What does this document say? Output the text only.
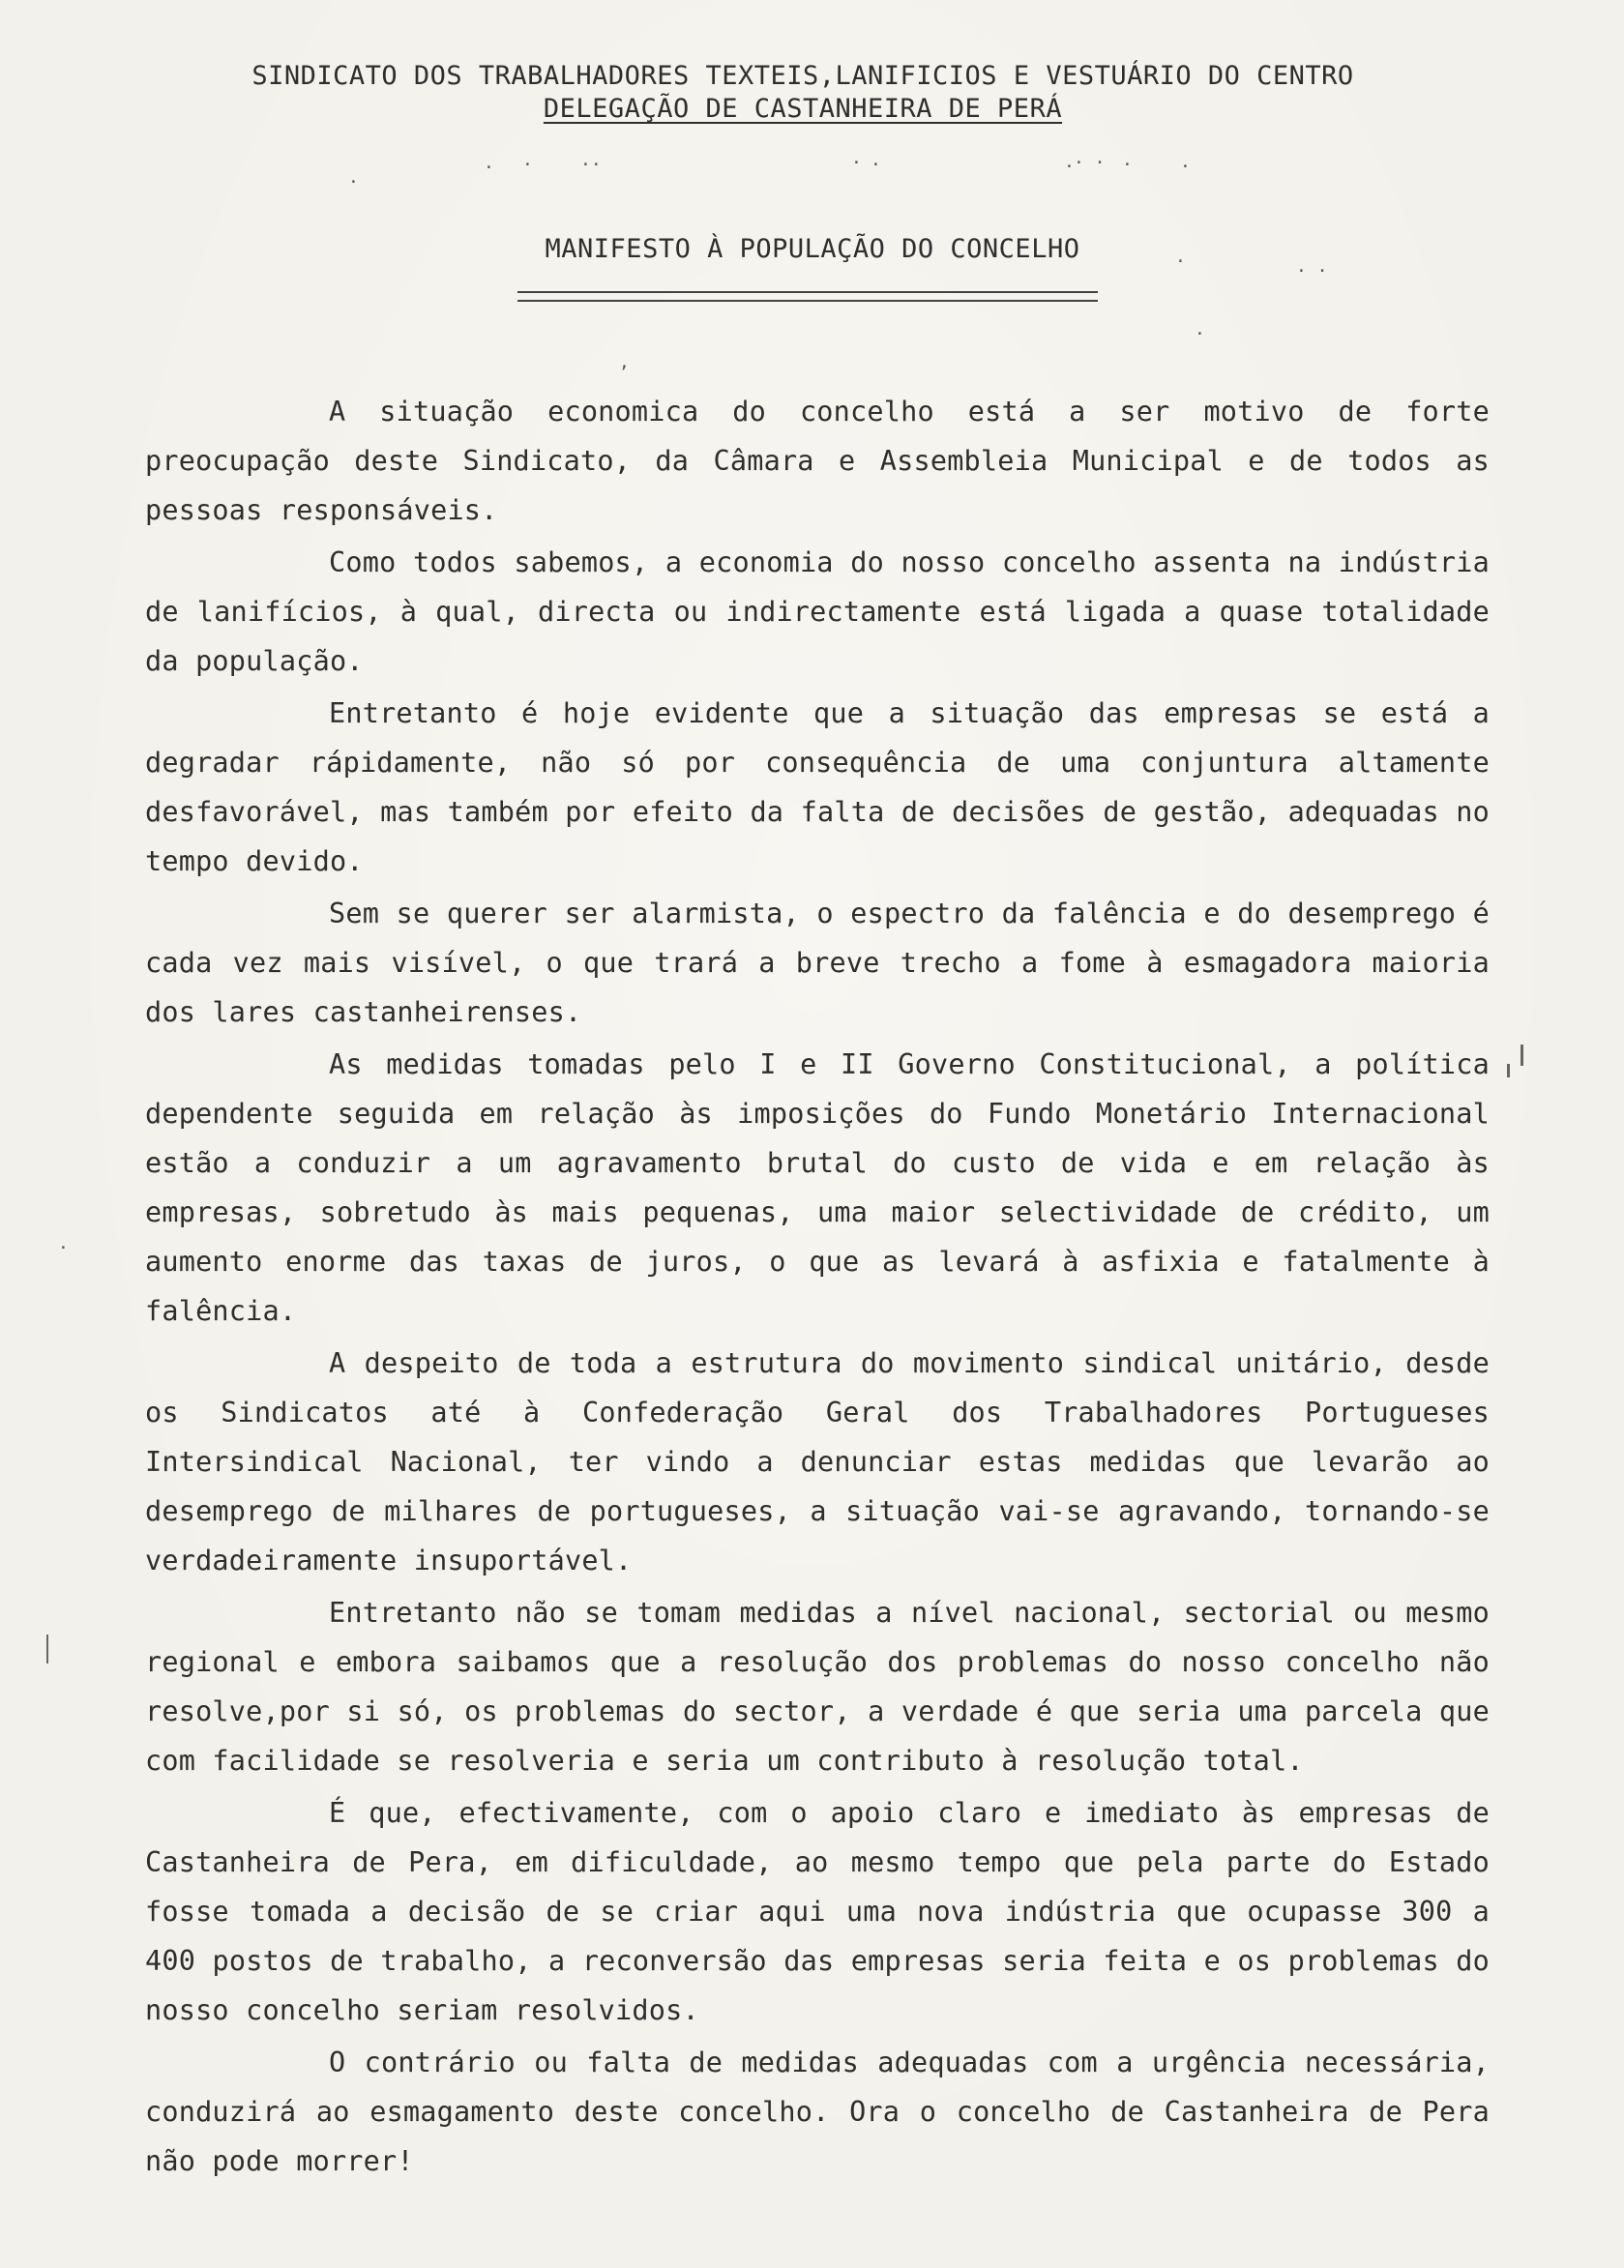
SINDICATO DOS TRABALHADORES TEXTEIS,LANIFICIOS E VESTUÁRIO DO CENTRO
DELEGAÇÃO DE CASTANHEIRA DE PERÁ
. ·	··	· ·	· · · ·	·
·
·	· ·
·
,
·
MANIFESTO À POPULAÇÃO DO CONCELHO

A situação economica do concelho está a ser motivo de forte preocupação deste Sindicato, da Câmara e Assembleia Municipal e de todos as pessoas responsáveis.

Como todos sabemos, a economia do nosso concelho assenta na indústria de lanifícios, à qual, directa ou indirectamente está ligada a quase totalidade da população.

Entretanto é hoje evidente que a situação das empresas se está a degradar rápidamente, não só por consequência de uma conjuntura altamente desfavorável, mas também por efeito da falta de decisões de gestão, adequadas no tempo devido.

Sem se querer ser alarmista, o espectro da falência e do desemprego é cada vez mais visível, o que trará a breve trecho a fome à esmagadora maioria dos lares castanheirenses.

As medidas tomadas pelo I e II Governo Constitucional, a política dependente seguida em relação às imposições do Fundo Monetário Internacional estão a conduzir a um agravamento brutal do custo de vida e em relação às empresas, sobretudo às mais pequenas, uma maior selectividade de crédito, um aumento enorme das taxas de juros, o que as levará à asfixia e fatalmente à falência.

A despeito de toda a estrutura do movimento sindical unitário, desde os Sindicatos até à Confederação Geral dos Trabalhadores Portugueses Intersindical Nacional, ter vindo a denunciar estas medidas que levarão ao desemprego de milhares de portugueses, a situação vai-se agravando, tornando-se verdadeiramente insuportável.

Entretanto não se tomam medidas a nível nacional, sectorial ou mesmo regional e embora saibamos que a resolução dos problemas do nosso concelho não resolve,por si só, os problemas do sector, a verdade é que seria uma parcela que com facilidade se resolveria e seria um contributo à resolução total.

É que, efectivamente, com o apoio claro e imediato às empresas de Castanheira de Pera, em dificuldade, ao mesmo tempo que pela parte do Estado fosse tomada a decisão de se criar aqui uma nova indústria que ocupasse 300 a 400 postos de trabalho, a reconversão das empresas seria feita e os problemas do nosso concelho seriam resolvidos.

O contrário ou falta de medidas adequadas com a urgência necessária, conduzirá ao esmagamento deste concelho. Ora o concelho de Castanheira de Pera não pode morrer!
